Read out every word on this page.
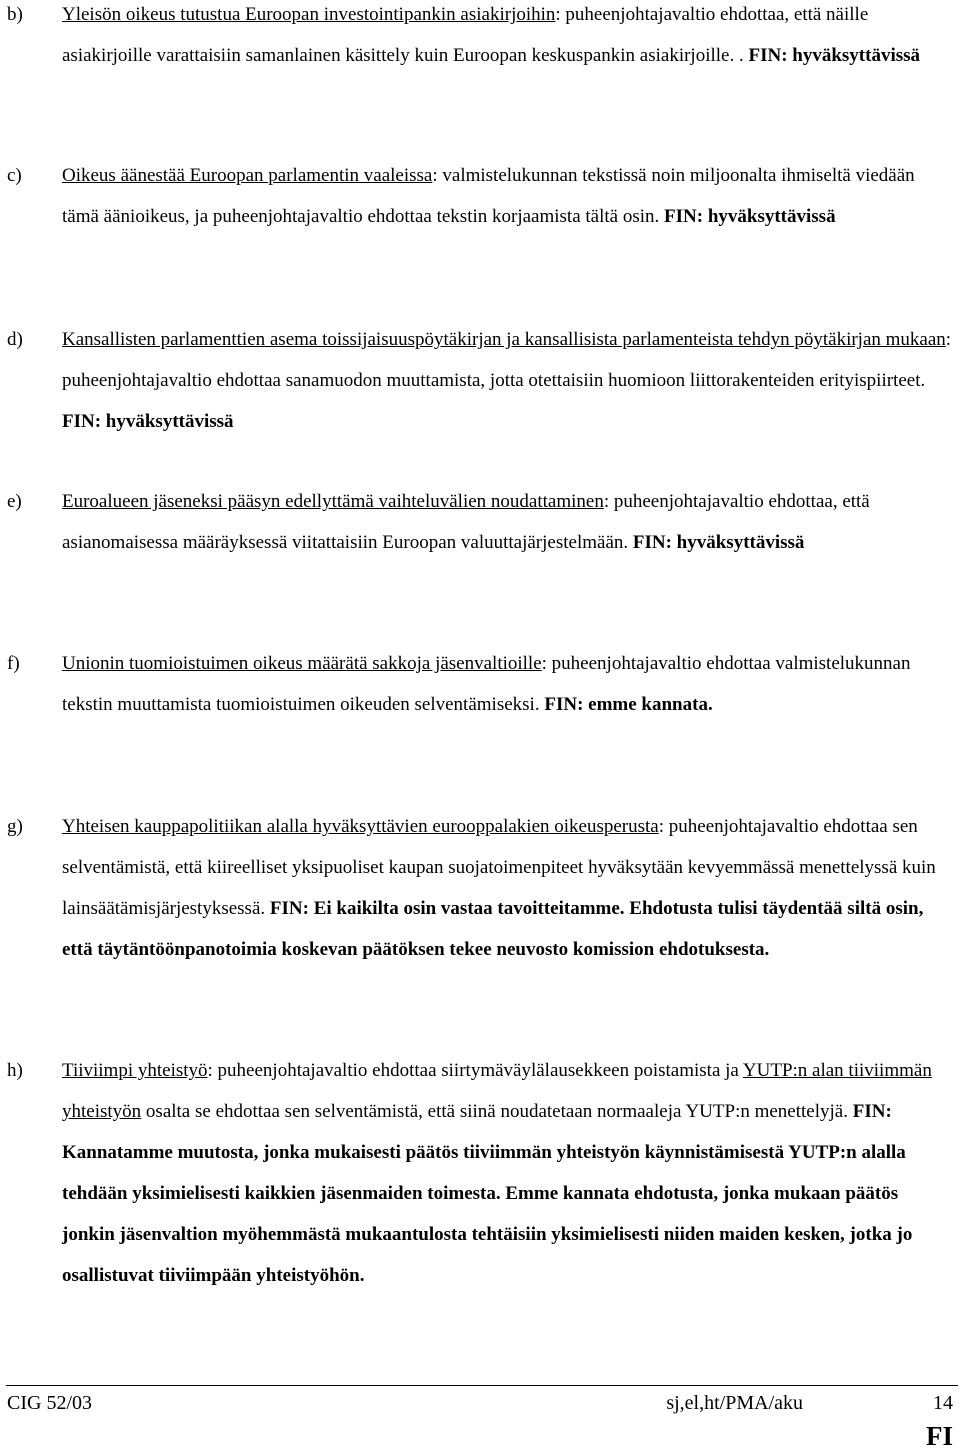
b) Yleisön oikeus tutustua Euroopan investointipankin asiakirjoihin: puheenjohtajavaltio ehdottaa, että näille asiakirjoille varattaisiin samanlainen käsittely kuin Euroopan keskuspankin asiakirjoille. . FIN: hyväksyttävissä
c) Oikeus äänestää Euroopan parlamentin vaaleissa: valmistelukunnan tekstissä noin miljoonalta ihmiseltä viedään tämä äänioikeus, ja puheenjohtajavaltio ehdottaa tekstin korjaamista tältä osin. FIN: hyväksyttävissä
d) Kansallisten parlamenttien asema toissijaisuuspöytäkirjan ja kansallisista parlamenteista tehdyn pöytäkirjan mukaan: puheenjohtajavaltio ehdottaa sanamuodon muuttamista, jotta otettaisiin huomioon liittorakenteiden erityispiirteet. FIN: hyväksyttävissä
e) Euroalueen jäseneksi pääsyn edellyttämä vaihteluvälien noudattaminen: puheenjohtajavaltio ehdottaa, että asianomaisessa määräyksessä viitattaisiin Euroopan valuuttajärjestelmään. FIN: hyväksyttävissä
f) Unionin tuomioistuimen oikeus määrätä sakkoja jäsenvaltioille: puheenjohtajavaltio ehdottaa valmistelukunnan tekstin muuttamista tuomioistuimen oikeuden selventämiseksi. FIN: emme kannata.
g) Yhteisen kauppapolitiikan alalla hyväksyttävien eurooppalakien oikeusperusta: puheenjohtajavaltio ehdottaa sen selventämistä, että kiireelliset yksipuoliset kaupan suojatoimenpiteet hyväksytään kevyemmässä menettelyssä kuin lainsäätämisjärjestyksessä. FIN: Ei kaikilta osin vastaa tavoitteitamme. Ehdotusta tulisi täydentää siltä osin, että täytäntöönpanotoimia koskevan päätöksen tekee neuvosto komission ehdotuksesta.
h) Tiiviimpi yhteistyö: puheenjohtajavaltio ehdottaa siirtymäväylälausekkeen poistamista ja YUTP:n alan tiiviimmän yhteistyön osalta se ehdottaa sen selventämistä, että siinä noudatetaan normaaleja YUTP:n menettelyjä. FIN: Kannatamme muutosta, jonka mukaisesti päätös tiiviimmän yhteistyön käynnistämisestä YUTP:n alalla tehdään yksimielisesti kaikkien jäsenmaiden toimesta. Emme kannata ehdotusta, jonka mukaan päätös jonkin jäsenvaltion myöhemmästä mukaantulosta tehtäisiin yksimielisesti niiden maiden kesken, jotka jo osallistuvat tiiviimpään yhteistyöhön.
CIG 52/03	sj,el,ht/PMA/aku	14
FI
